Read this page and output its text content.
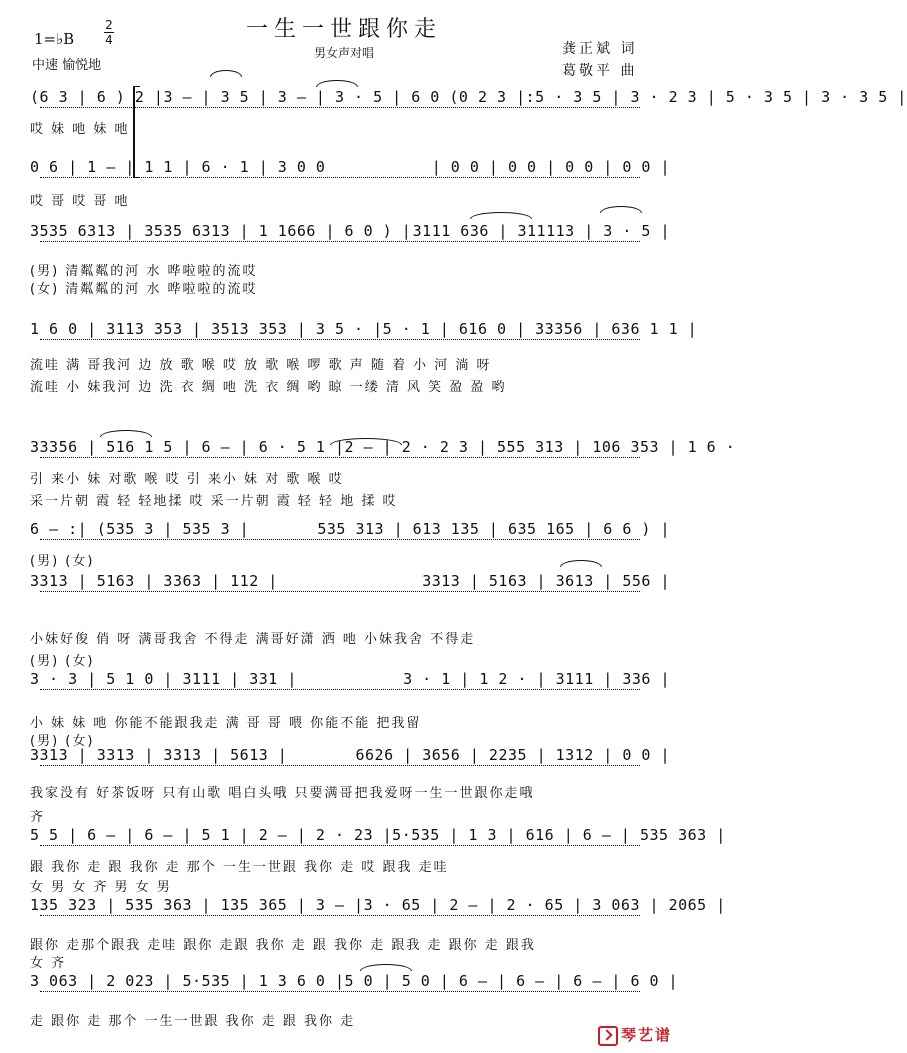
一生一世跟你走
男女声对唱
1=♭B
2
4
中速 愉悦地
龚正斌 词
葛敬平 曲
(6 3 | 6 ) 2 | 3 — | 3 5 | 3 — | 3 · 5 | 6 0 (0 2 3 |: 5 · 3 5 | 3 · 2 3 | 5 · 3 5 | 3 · 3 5 |
哎 妹 吔 妹 吔
0 6 | 1 — | 1 1 | 6 · 1 | 3 0 0	| 0 0 | 0 0 | 0 0 | 0 0 |
哎 哥 哎 哥 吔
3535 6313 | 3535 6313 | 1 1666 | 6 0 ) | 3111 636 | 311113 | 3 · 5 |
(男) 清粼粼的河 水 哗啦啦的流哎
(女) 清粼粼的河 水 哗啦啦的流哎
1 6 0 | 3113 353 | 3513 353 | 3 5 · | 5 · 1 | 616 0 | 33356 | 636 1 1 |
流哇 满 哥我河 边 放 歌 喉 哎 放 歌 喉 啰 歌 声 随 着 小 河 淌 呀
流哇 小 妹我河 边 洗 衣 绸 吔 洗 衣 绸 哟 晾 一缕 清 风 笑 盈 盈 哟
33356 | 516 1 5 | 6 — | 6 · 5 1 | 2 — | 2 · 2 3 | 555 313 | 106 353 | 1 6 ·
引 来小 妹 对歌 喉 哎 引 来小 妹 对 歌 喉 哎
采一片朝 霞 轻 轻地揉 哎 采一片朝 霞 轻 轻 地 揉 哎
6 — :| (535 3 | 535 3 |	535 313 | 613 135 | 635 165 | 6 6 ) |
3313 | 5163 | 3363 | 112 |	3313 | 5163 | 3613 | 556 |
(男) (女)
小妹好俊 俏 呀 满哥我舍 不得走 满哥好潇 洒 吔 小妹我舍 不得走
3 · 3 | 5 1 0 | 3111 | 331 |	3 · 1 | 1 2 · | 3111 | 336 |
(男) (女)
小 妹 妹 吔 你能不能跟我走 满 哥 哥 喂 你能不能 把我留
3313 | 3313 | 3313 | 5613 |	6626 | 3656 | 2235 | 1312 | 0 0 |
(男) (女)
我家没有 好茶饭呀 只有山歌 唱白头哦 只要满哥把我爱呀一生一世跟你走哦
5 5 | 6 — | 6 — | 5 1 | 2 — | 2 · 23 | 5·535 | 1 3 | 616 | 6 — | 535 363 |
齐
跟 我你 走 跟 我你 走 那个 一生一世跟 我你 走 哎 跟我 走哇
135 323 | 535 363 | 135 365 | 3 — | 3 · 65 | 2 — | 2 · 65 | 3 063 | 2065 |
女 男 女 齐 男 女 男
跟你 走那个跟我 走哇 跟你 走跟 我你 走 跟 我你 走 跟我 走 跟你 走 跟我
3 063 | 2 023 | 5·535 | 1 3 6 0 | 5 0 | 5 0 | 6 — | 6 — | 6 — | 6 0 |
女 齐
走 跟你 走 那个 一生一世跟 我你 走 跟 我你 走
琴艺谱
